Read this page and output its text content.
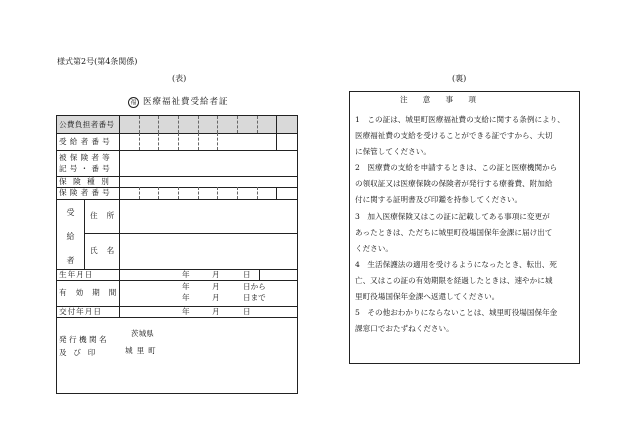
様式第2号(第4条関係)
(表)	(裏)
福 医療福祉費受給者証
公費負担者番号
受給者番号
被保険者等
記号・番号
保険種別
保険者番号
受
給
者
住所
氏名
生年月日	年	月	日
有効期間
年	月	日から
年	月	日まで
交付年月日	年	月	日
発行機関名
及び印
茨城県
城里町
注　　意　　事　　項
1　この証は、城里町医療福祉費の支給に関する条例により、
医療福祉費の支給を受けることができる証ですから、大切
に保管してください。
2　医療費の支給を申請するときは、この証と医療機関から
の領収証又は医療保険の保険者が発行する療養費、附加給
付に関する証明書及び印鑑を持参してください。
3　加入医療保険又はこの証に記載してある事項に変更が
あったときは、ただちに城里町役場国保年金課に届け出て
ください。
4　生活保護法の適用を受けるようになったとき、転出、死
亡、又はこの証の有効期限を経過したときは、速やかに城
里町役場国保年金課へ返還してください。
5　その他おわかりにならないことは、城里町役場国保年金
課窓口でおたずねください。
